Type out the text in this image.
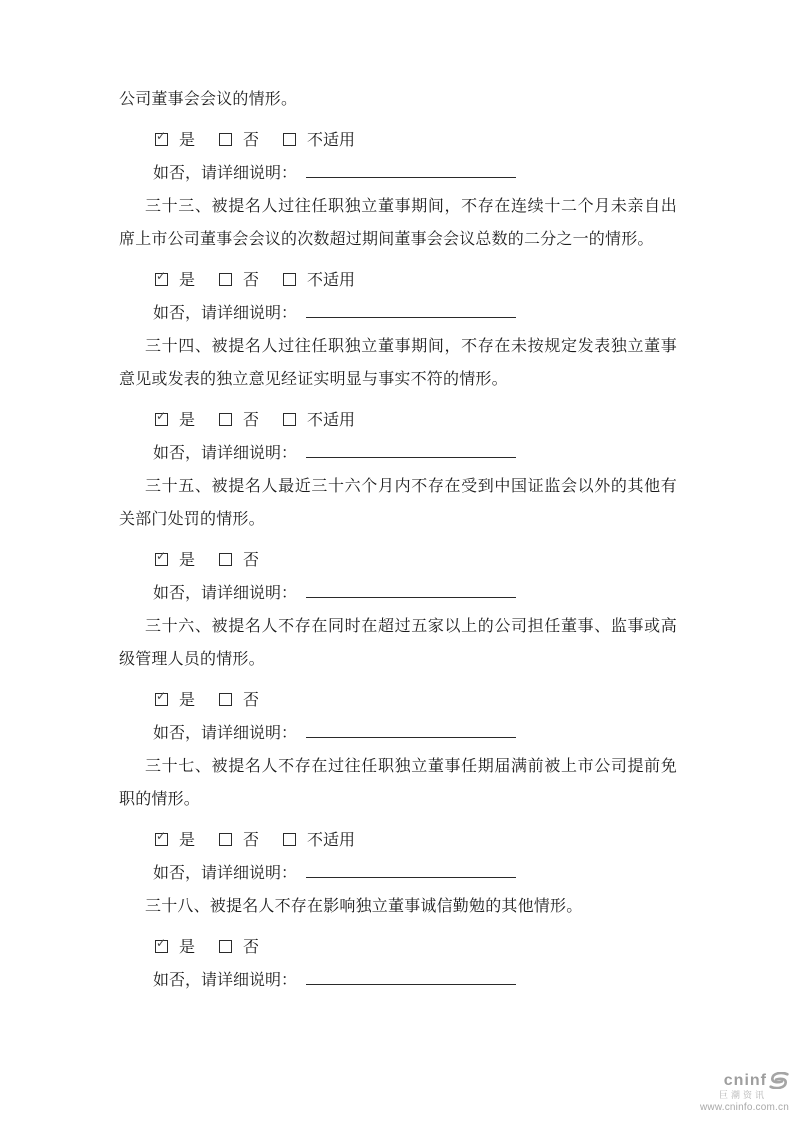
公司董事会会议的情形。

✓ 是	否	不适用
如否，请详细说明：

三十三、被提名人过往任职独立董事期间，不存在连续十二个月未亲自出席上市公司董事会会议的次数超过期间董事会会议总数的二分之一的情形。

✓ 是	否	不适用
如否，请详细说明：

三十四、被提名人过往任职独立董事期间，不存在未按规定发表独立董事意见或发表的独立意见经证实明显与事实不符的情形。

✓ 是	否	不适用
如否，请详细说明：

三十五、被提名人最近三十六个月内不存在受到中国证监会以外的其他有关部门处罚的情形。

✓ 是	否
如否，请详细说明：

三十六、被提名人不存在同时在超过五家以上的公司担任董事、监事或高级管理人员的情形。

✓ 是	否
如否，请详细说明：

三十七、被提名人不存在过往任职独立董事任期届满前被上市公司提前免职的情形。

✓ 是	否	不适用
如否，请详细说明：

三十八、被提名人不存在影响独立董事诚信勤勉的其他情形。

✓ 是	否
如否，请详细说明：
cninf
巨潮资讯
www.cninfo.com.cn
